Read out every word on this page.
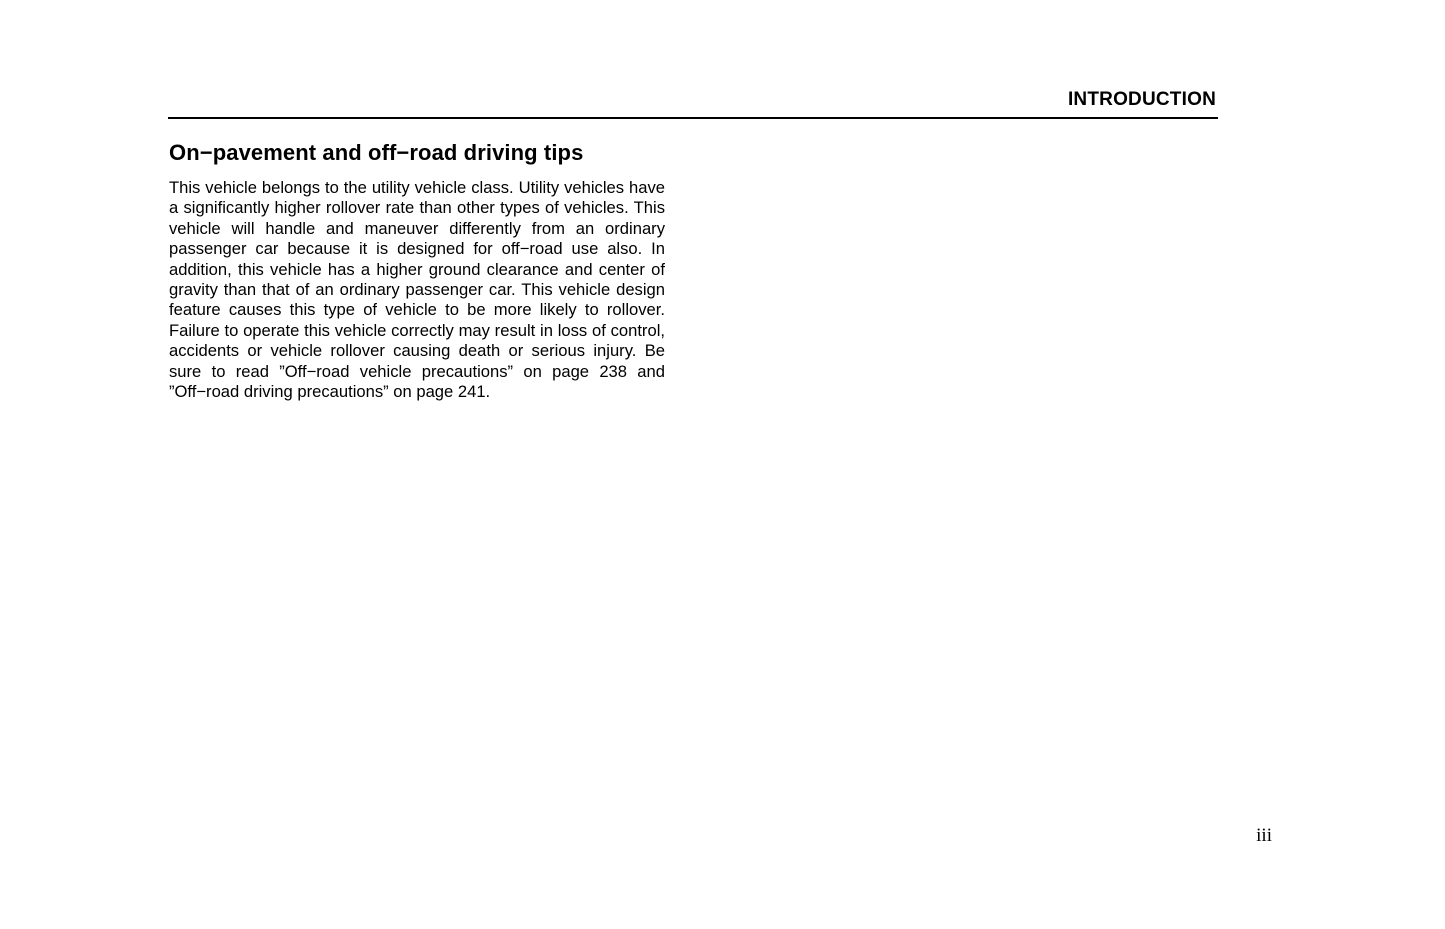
INTRODUCTION
On−pavement and off−road driving tips

This vehicle belongs to the utility vehicle class. Utility vehicles have a significantly higher rollover rate than other types of vehicles. This vehicle will handle and maneuver differently from an ordinary passenger car because it is designed for off−road use also. In addition, this vehicle has a higher ground clearance and center of gravity than that of an ordinary passenger car. This vehicle design feature causes this type of vehicle to be more likely to rollover. Failure to operate this vehicle correctly may result in loss of control, accidents or vehicle rollover causing death or serious injury. Be sure to read ”Off−road vehicle precautions” on page 238 and ”Off−road driving precautions” on page 241.

iii
